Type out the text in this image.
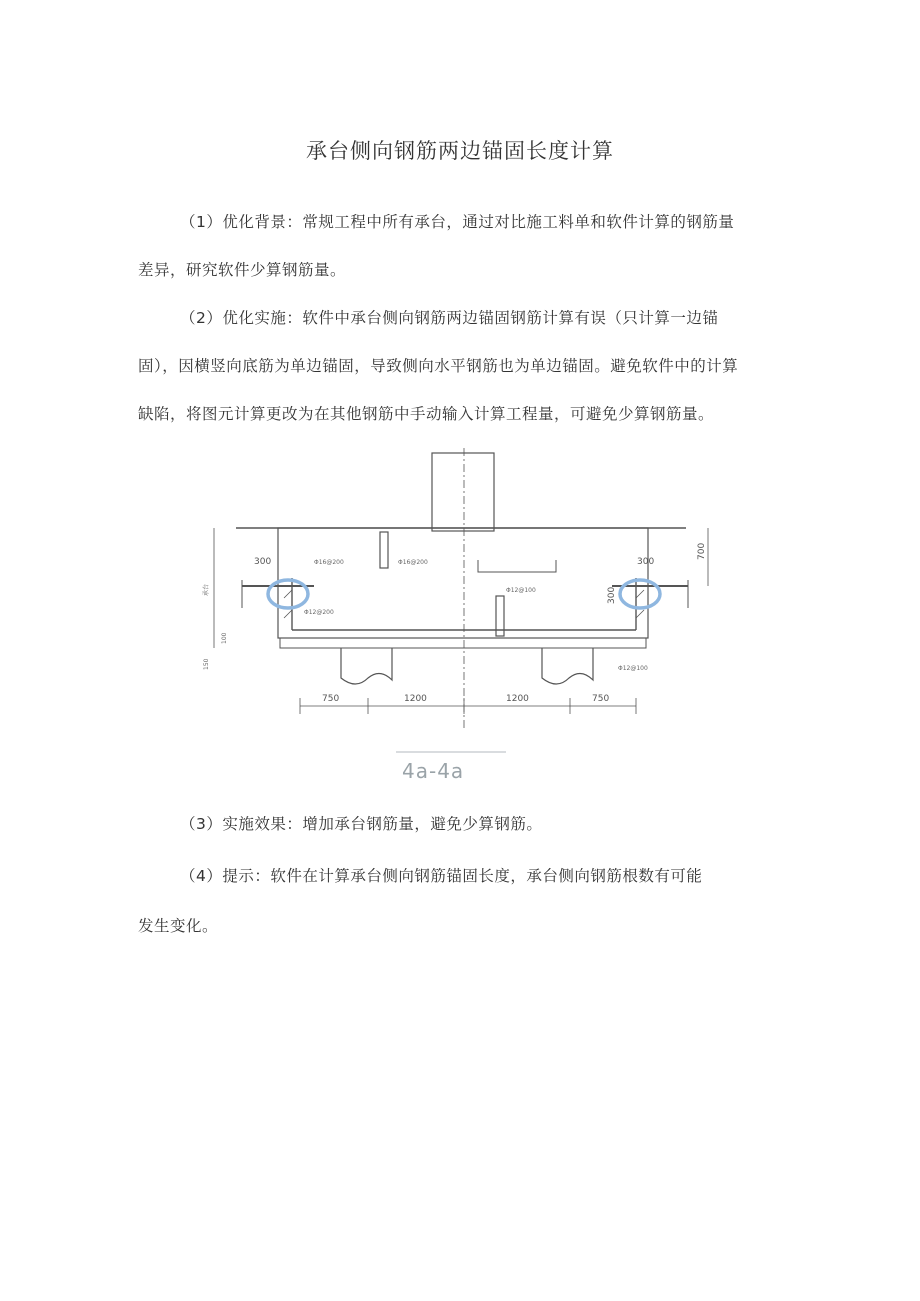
承台侧向钢筋两边锚固长度计算
（1）优化背景：常规工程中所有承台，通过对比施工料单和软件计算的钢筋量
差异，研究软件少算钢筋量。
（2）优化实施：软件中承台侧向钢筋两边锚固钢筋计算有误（只计算一边锚
固），因横竖向底筋为单边锚固，导致侧向水平钢筋也为单边锚固。避免软件中的计算
缺陷，将图元计算更改为在其他钢筋中手动输入计算工程量，可避免少算钢筋量。
300	300
700
300
750	1200	1200	750
Φ12@200
Φ12@100
Φ12@100
Φ16@200	Φ16@200
承台
100
150
4a-4a
（3）实施效果：增加承台钢筋量，避免少算钢筋。
（4）提示：软件在计算承台侧向钢筋锚固长度，承台侧向钢筋根数有可能
发生变化。
